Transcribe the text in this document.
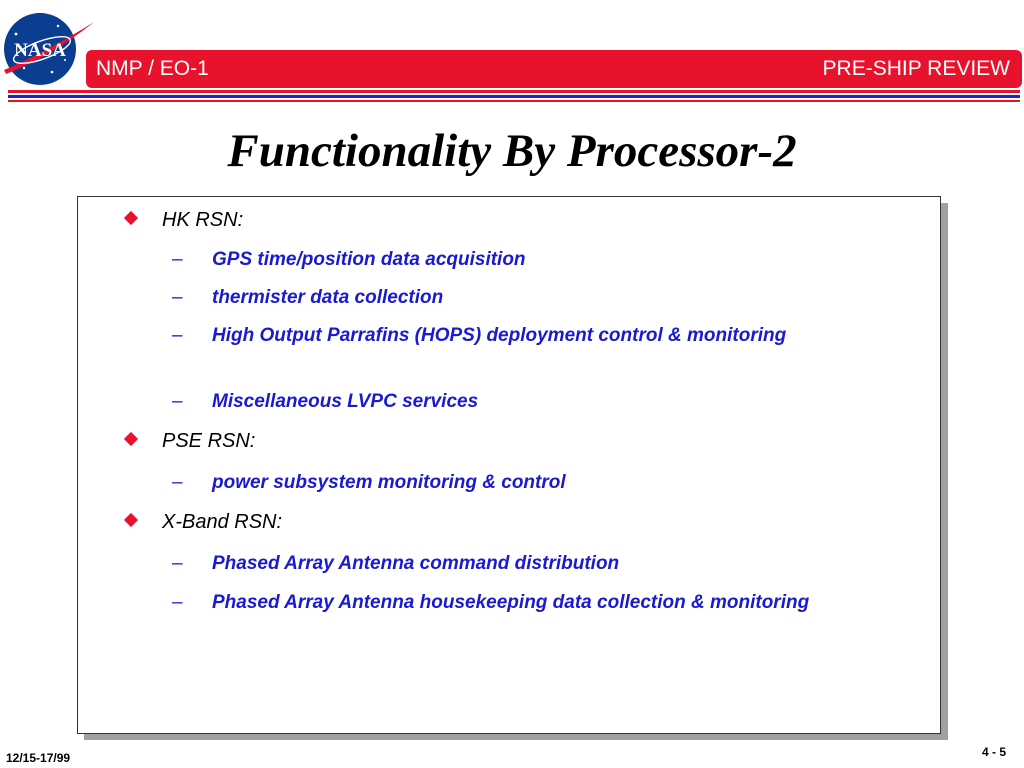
NASA
NMP / EO-1	PRE-SHIP REVIEW
Functionality By Processor-2
HK RSN:
– GPS time/position data acquisition
– thermister data collection
– High Output Parrafins (HOPS) deployment control & monitoring
– Miscellaneous LVPC services
PSE RSN:
– power subsystem monitoring & control
X-Band RSN:
– Phased Array Antenna command distribution
– Phased Array Antenna housekeeping data collection & monitoring
12/15-17/99	4 - 5
